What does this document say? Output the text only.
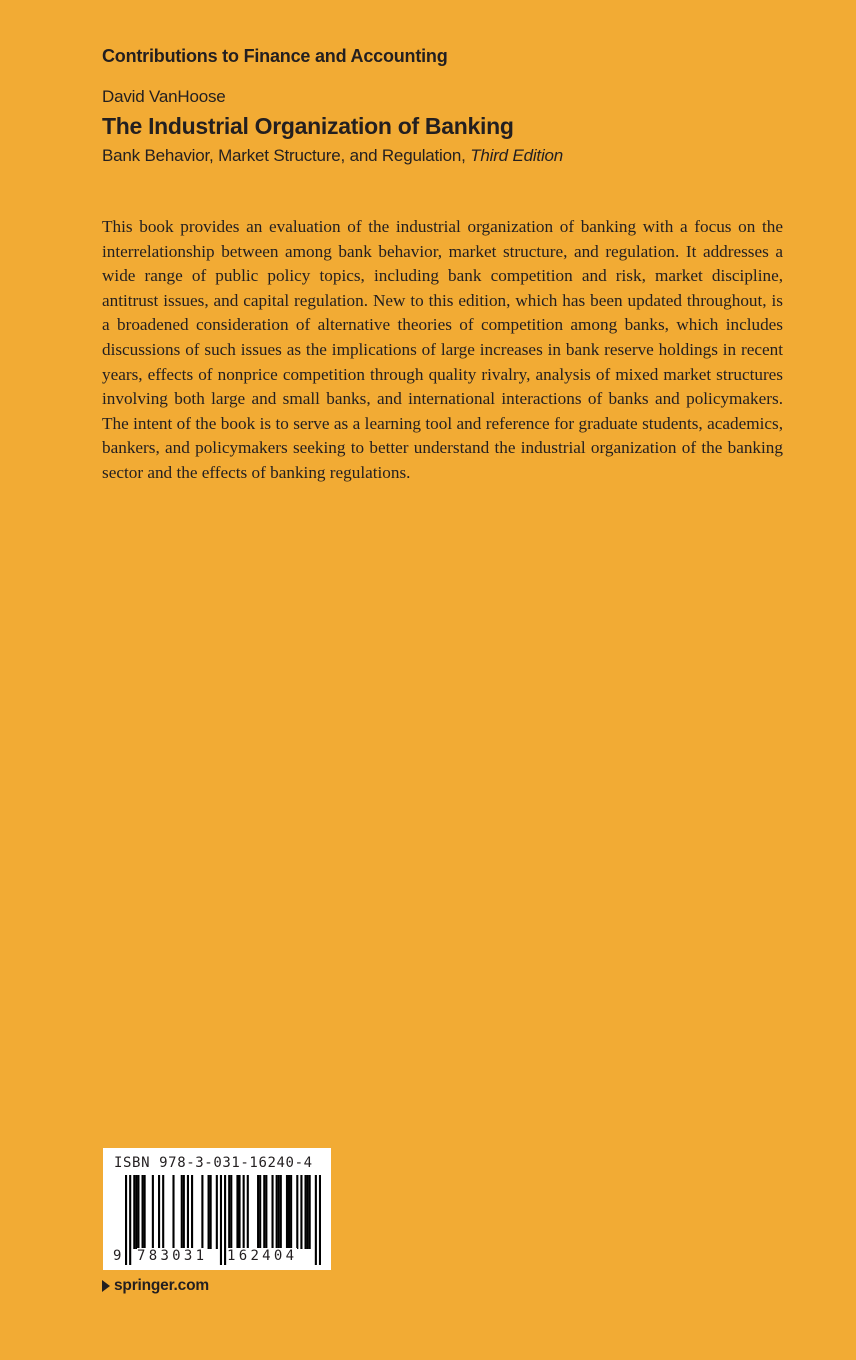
Contributions to Finance and Accounting
David VanHoose
The Industrial Organization of Banking
Bank Behavior, Market Structure, and Regulation, Third Edition
This book provides an evaluation of the industrial organization of banking with a focus on the interrelationship between among bank behavior, market structure, and regulation. It addresses a wide range of public policy topics, including bank competition and risk, market discipline, antitrust issues, and capital regulation. New to this edition, which has been updated throughout, is a broadened consideration of alternative theories of competition among banks, which includes discussions of such issues as the implications of large increases in bank reserve holdings in recent years, effects of nonprice competition through quality rivalry, analysis of mixed market structures involving both large and small banks, and international interactions of banks and policymakers. The intent of the book is to serve as a learning tool and reference for graduate students, academics, bankers, and policymakers seeking to better understand the industrial organization of the banking sector and the effects of banking regulations.
ISBN 978-3-031-16240-4
9 783031 162404
springer.com
